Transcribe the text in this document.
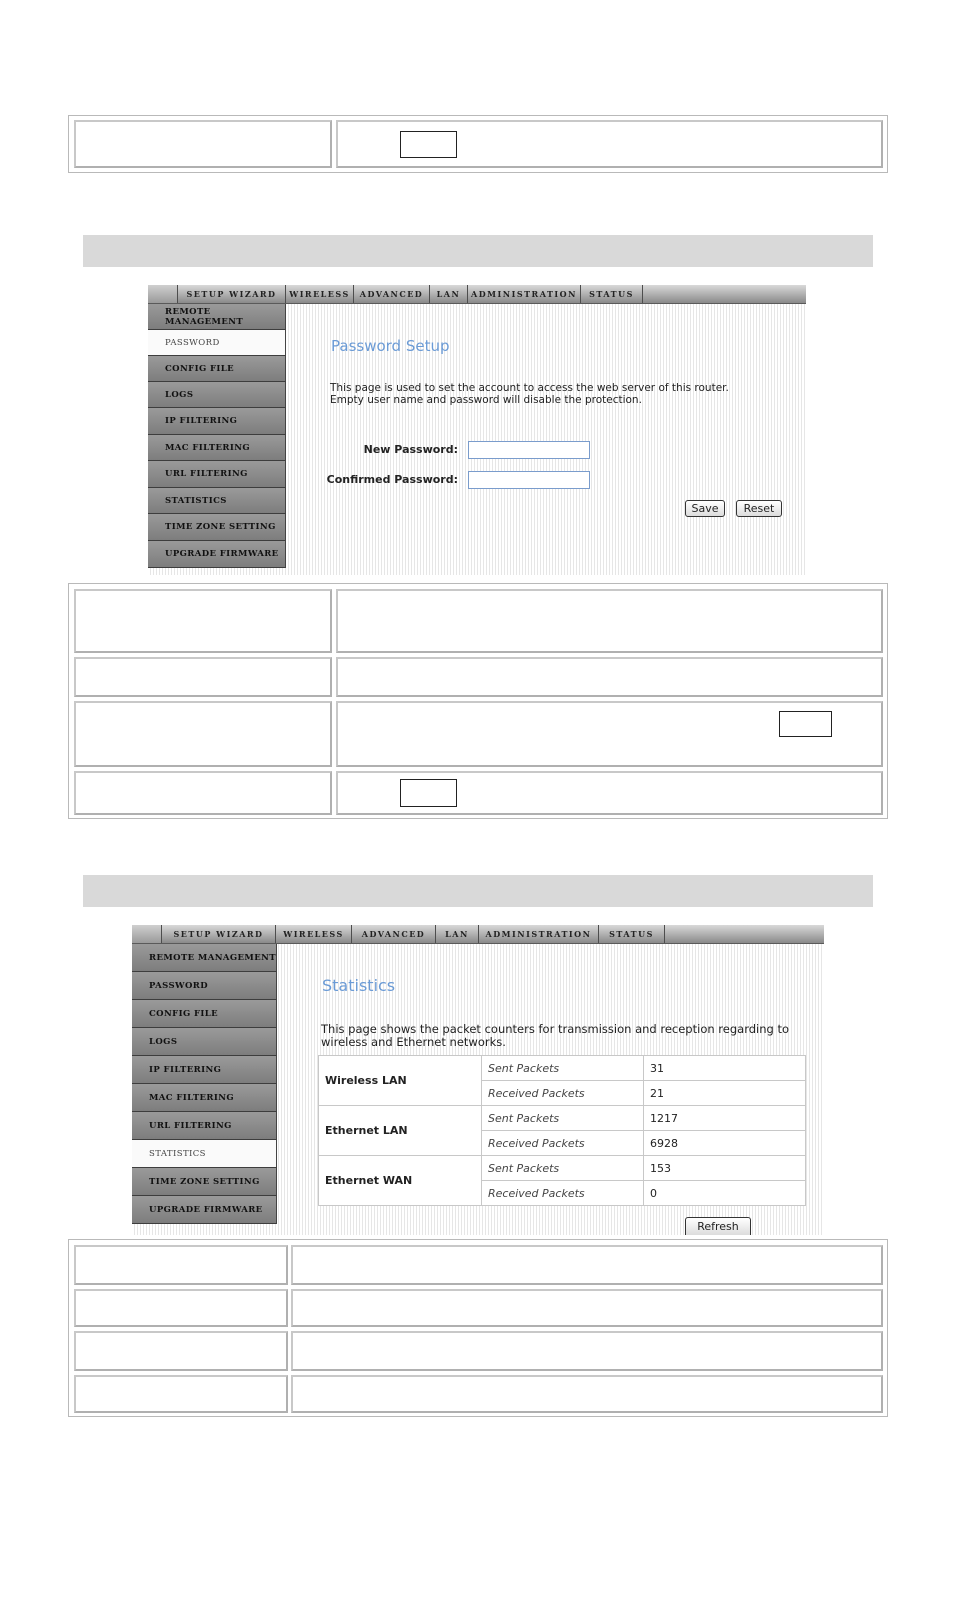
SETUP WIZARD	WIRELESS	ADVANCED	LAN	ADMINISTRATION	STATUS
REMOTE MANAGEMENT
PASSWORD
CONFIG FILE
LOGS
IP FILTERING
MAC FILTERING
URL FILTERING
STATISTICS
TIME ZONE SETTING
UPGRADE FIRMWARE
Password Setup
This page is used to set the account to access the web server of this router.
Empty user name and password will disable the protection.
New Password:
Confirmed Password:
Save	Reset
SETUP WIZARD	WIRELESS	ADVANCED	LAN	ADMINISTRATION	STATUS
REMOTE MANAGEMENT
PASSWORD
CONFIG FILE
LOGS
IP FILTERING
MAC FILTERING
URL FILTERING
STATISTICS
TIME ZONE SETTING
UPGRADE FIRMWARE
Statistics
This page shows the packet counters for transmission and reception regarding to
wireless and Ethernet networks.
Wireless LAN	Sent Packets	31
	Received Packets	21
Ethernet LAN	Sent Packets	1217
	Received Packets	6928
Ethernet WAN	Sent Packets	153
	Received Packets	0
Refresh
